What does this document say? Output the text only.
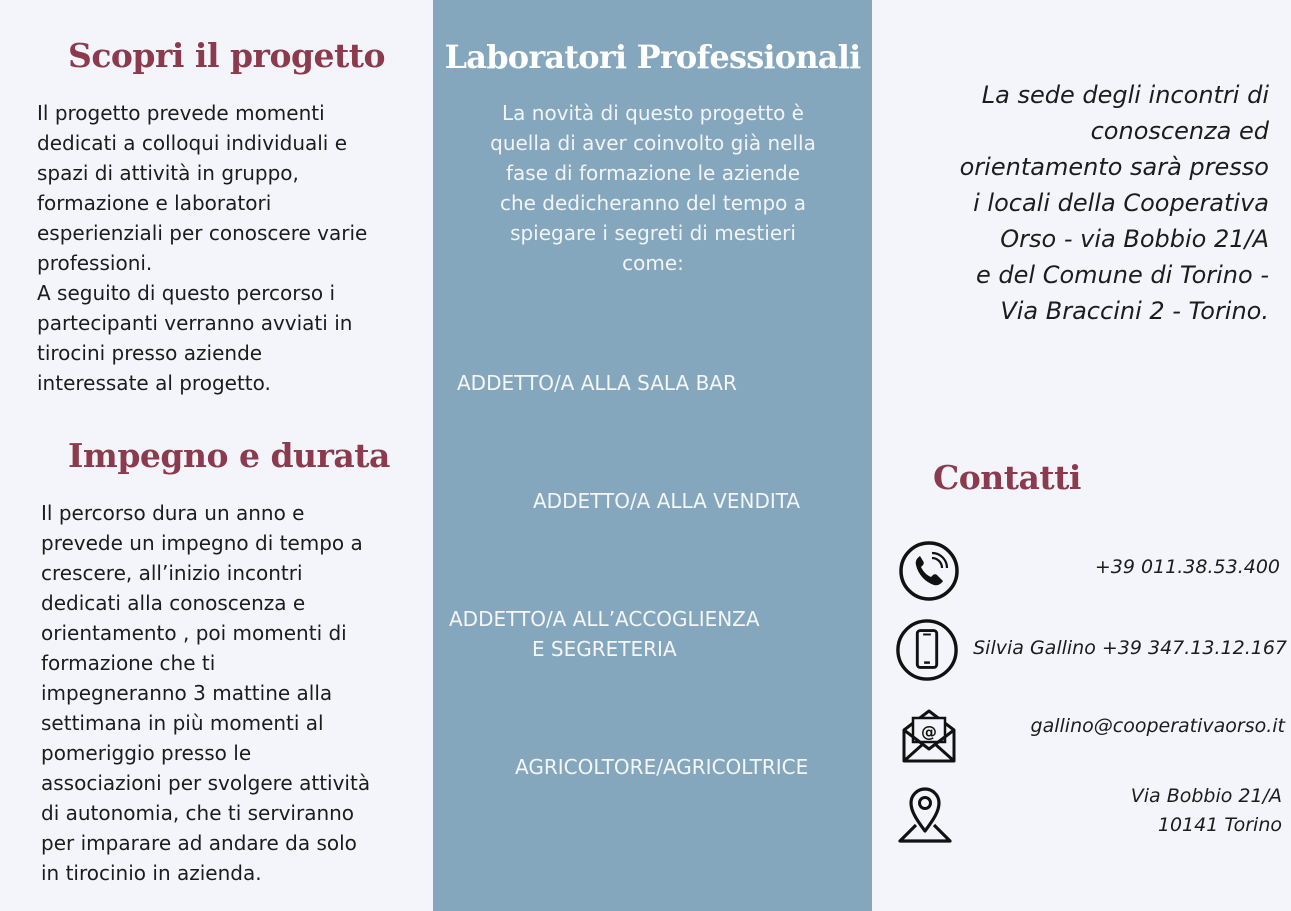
Scopri il progetto

Il progetto prevede momenti
dedicati a colloqui individuali e
spazi di attività in gruppo,
formazione e laboratori
esperienziali per conoscere varie
professioni.
A seguito di questo percorso i
partecipanti verranno avviati in
tirocini presso aziende
interessate al progetto.

Impegno e durata

Il percorso dura un anno e
prevede un impegno di tempo a
crescere, all’inizio incontri
dedicati alla conoscenza e
orientamento , poi momenti di
formazione che ti
impegneranno 3 mattine alla
settimana in più momenti al
pomeriggio presso le
associazioni per svolgere attività
di autonomia, che ti serviranno
per imparare ad andare da solo
in tirocinio in azienda.

Laboratori Professionali

La novità di questo progetto è
quella di aver coinvolto già nella
fase di formazione le aziende
che dedicheranno del tempo a
spiegare i segreti di mestieri
come:

ADDETTO/A ALLA SALA BAR

ADDETTO/A ALLA VENDITA

ADDETTO/A ALL’ACCOGLIENZA
E SEGRETERIA

AGRICOLTORE/AGRICOLTRICE

La sede degli incontri di
conoscenza ed
orientamento sarà presso
i locali della Cooperativa
Orso - via Bobbio 21/A
e del Comune di Torino -
Via Braccini 2 - Torino.

Contatti
@

+39 011.38.53.400

Silvia Gallino +39 347.13.12.167

gallino@cooperativaorso.it

Via Bobbio 21/A
10141 Torino
